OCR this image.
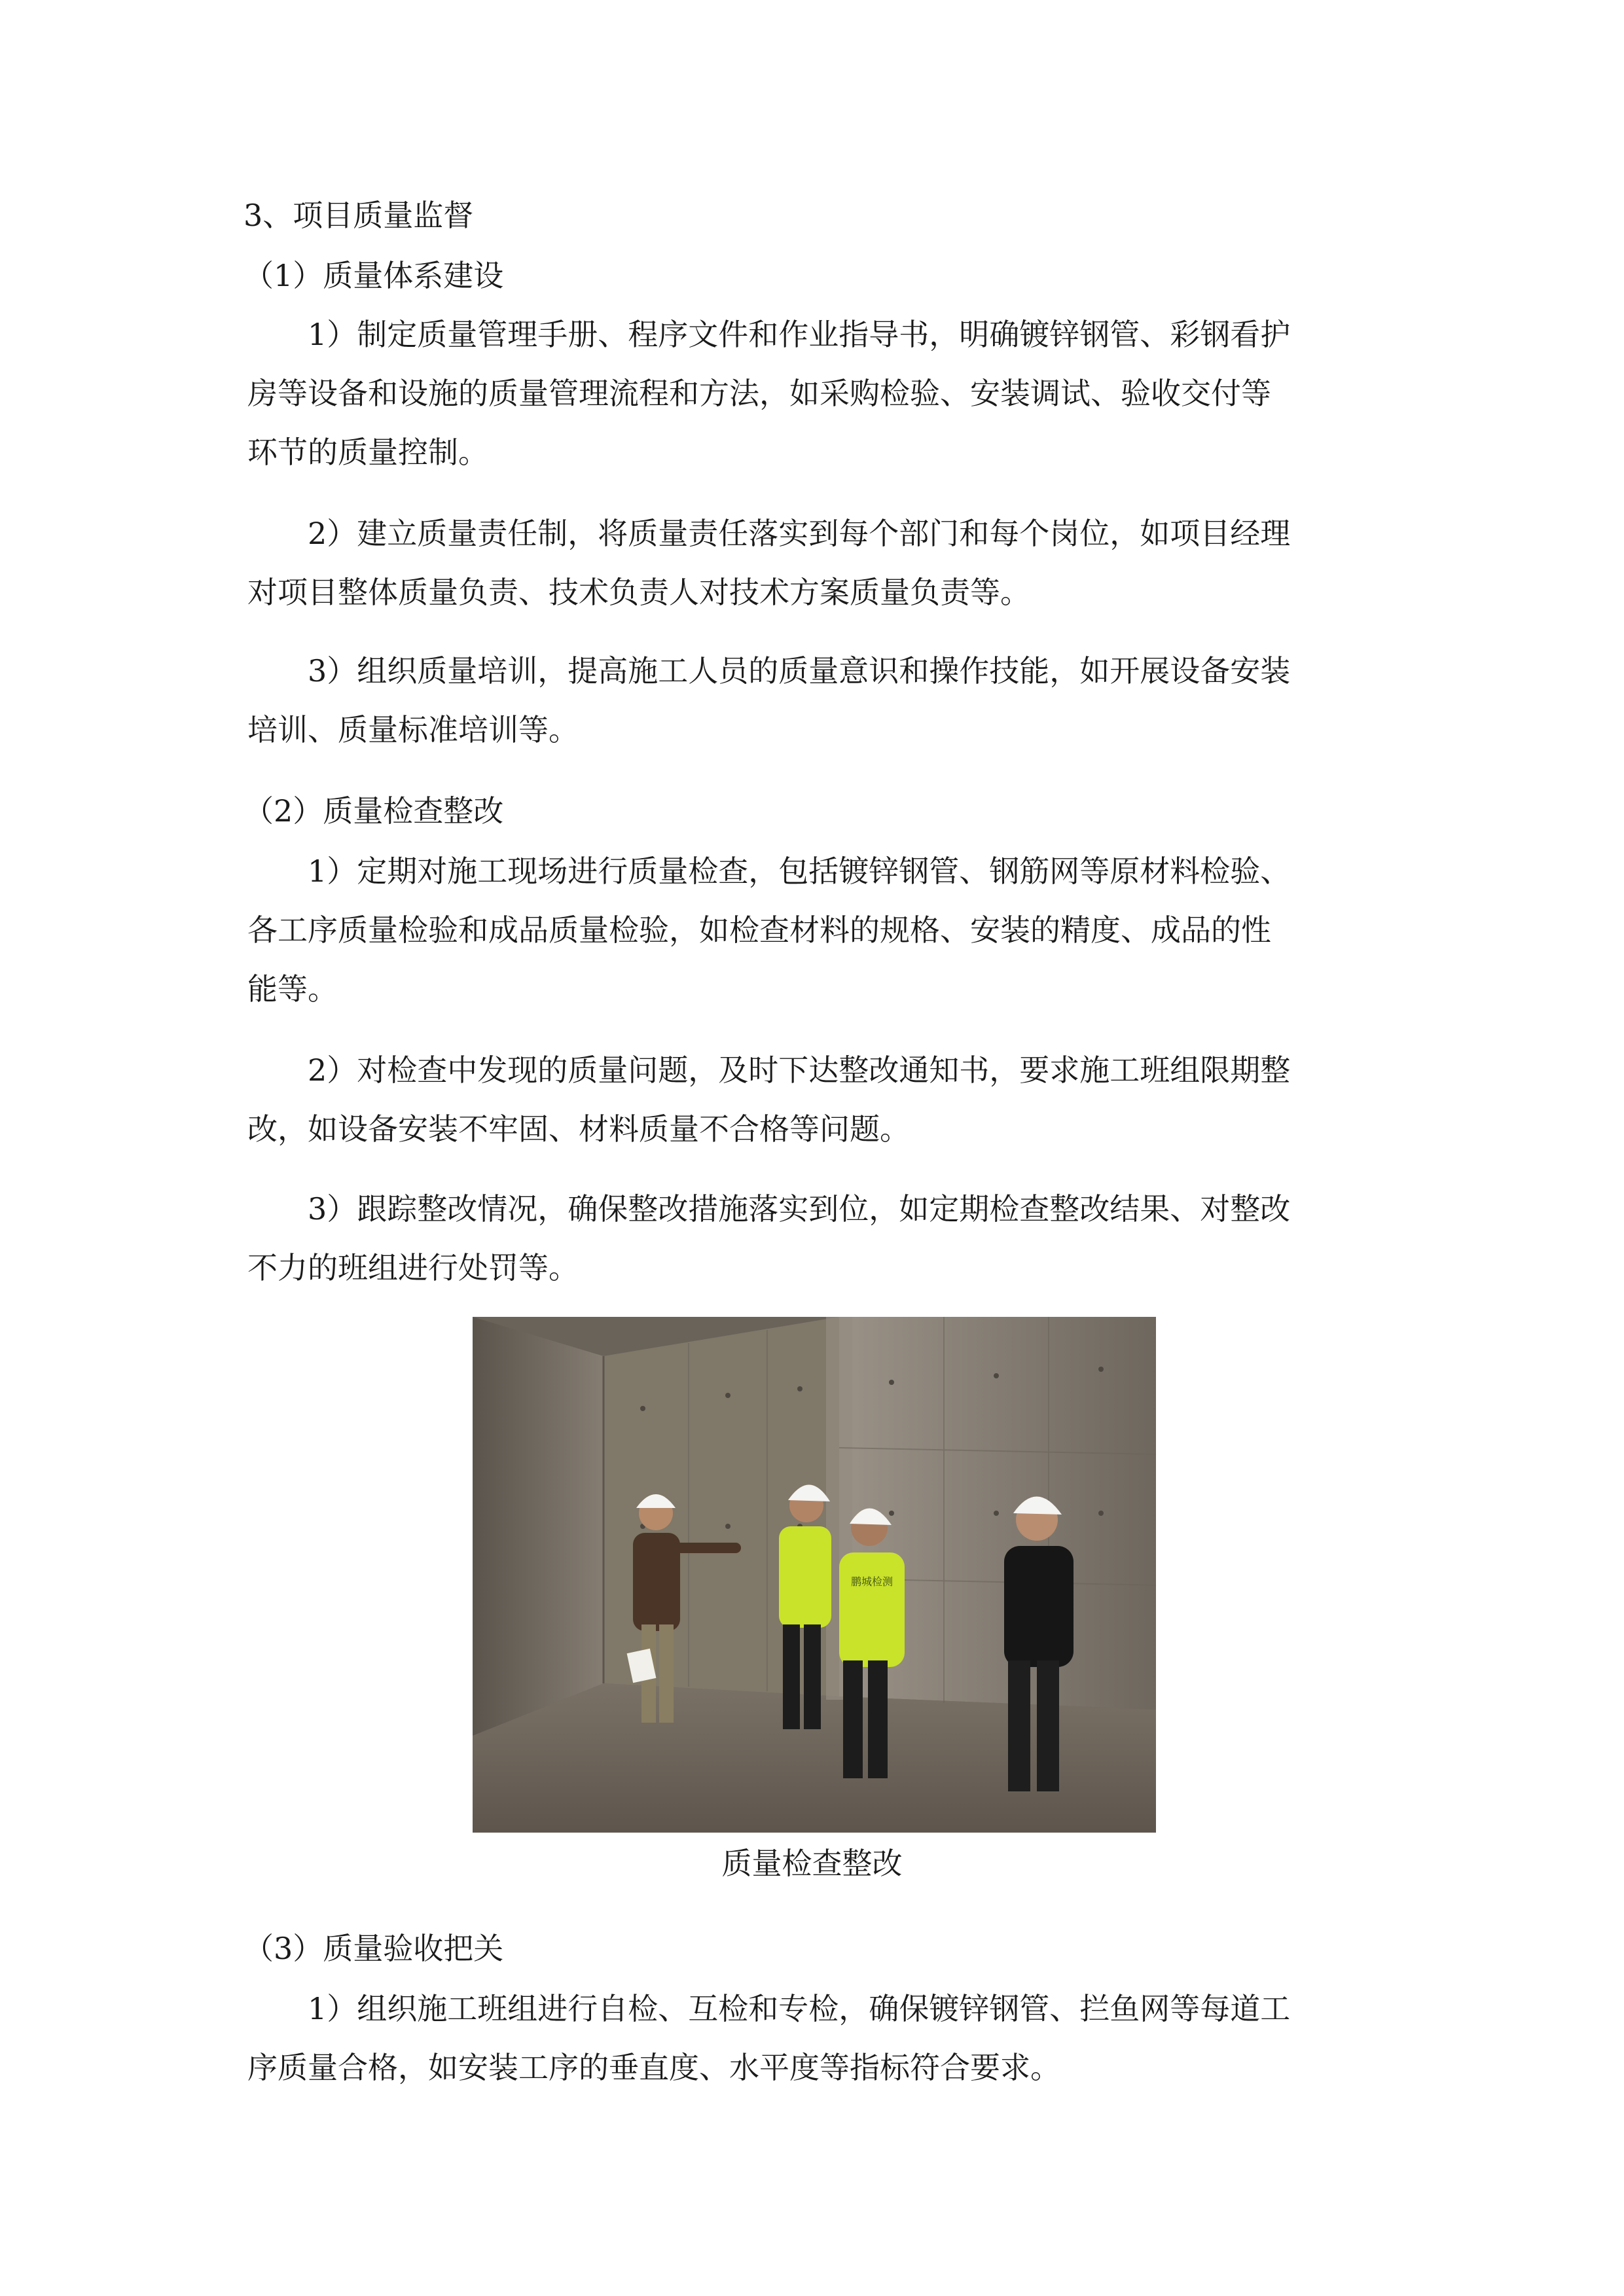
3、项目质量监督

（1）质量体系建设

1）制定质量管理手册、程序文件和作业指导书，明确镀锌钢管、彩钢看护

房等设备和设施的质量管理流程和方法，如采购检验、安装调试、验收交付等

环节的质量控制。

2）建立质量责任制，将质量责任落实到每个部门和每个岗位，如项目经理

对项目整体质量负责、技术负责人对技术方案质量负责等。

3）组织质量培训，提高施工人员的质量意识和操作技能，如开展设备安装

培训、质量标准培训等。

（2）质量检查整改

1）定期对施工现场进行质量检查，包括镀锌钢管、钢筋网等原材料检验、

各工序质量检验和成品质量检验，如检查材料的规格、安装的精度、成品的性

能等。

2）对检查中发现的质量问题，及时下达整改通知书，要求施工班组限期整

改，如设备安装不牢固、材料质量不合格等问题。

3）跟踪整改情况，确保整改措施落实到位，如定期检查整改结果、对整改

不力的班组进行处罚等。

鹏城检测

质量检查整改

（3）质量验收把关

1）组织施工班组进行自检、互检和专检，确保镀锌钢管、拦鱼网等每道工

序质量合格，如安装工序的垂直度、水平度等指标符合要求。
